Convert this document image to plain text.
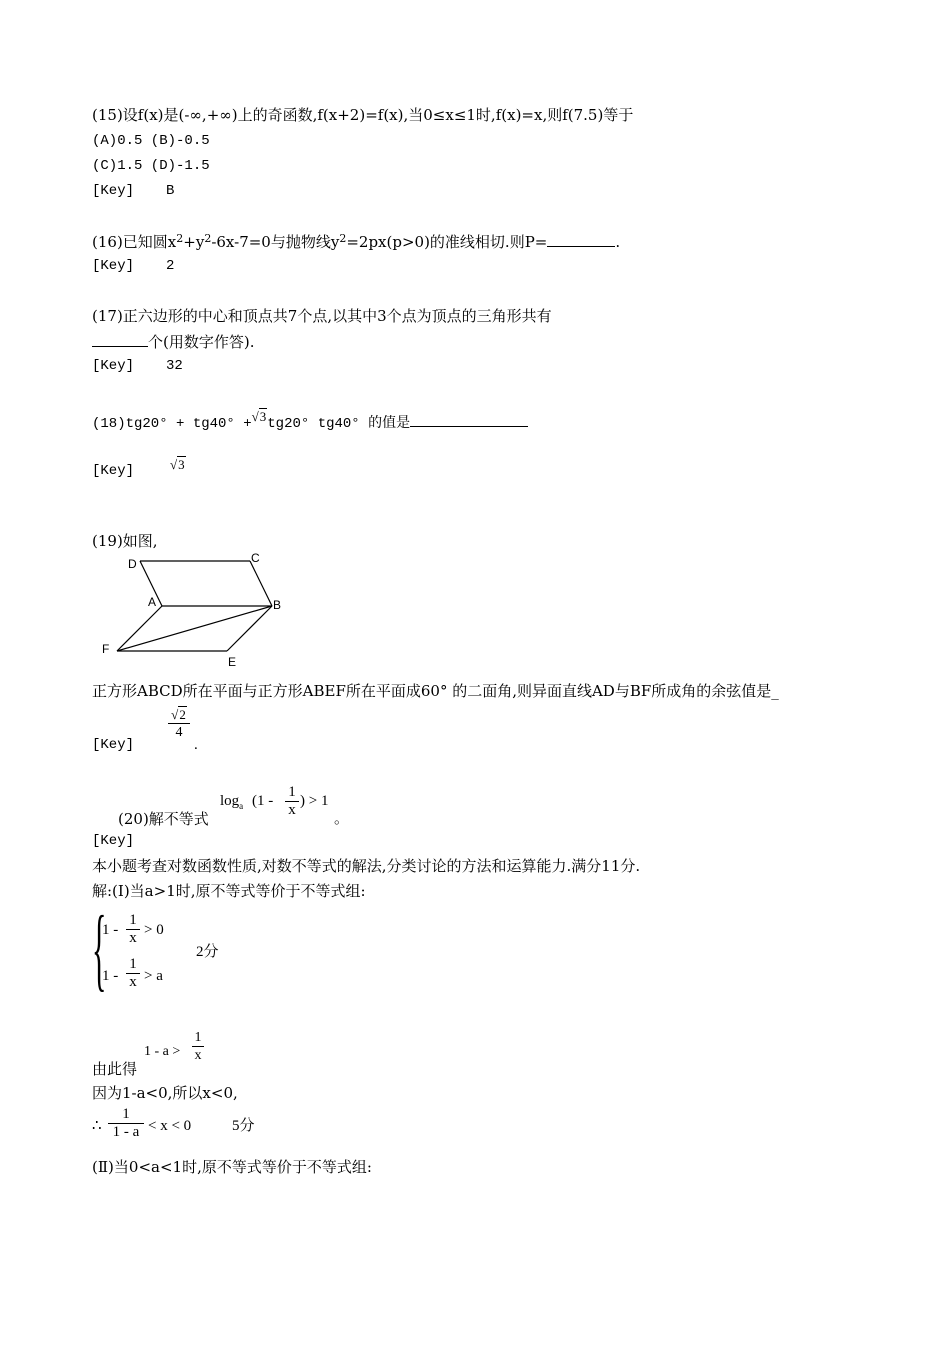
(15)设f(x)是(-∞,+∞)上的奇函数,f(x+2)=f(x),当0≤x≤1时,f(x)=x,则f(7.5)等于
(A)0.5 (B)-0.5
(C)1.5 (D)-1.5
[Key] B
(16)已知圆$x^2+y^2-6x-7=0$与抛物线$y^2=2px(p>0)$的准线相切.则P=	.
[Key] 2
(17)正六边形的中心和顶点共7个点,以其中3个点为顶点的三角形共有
个(用数字作答).
[Key] 32
(18)tg20° + tg40° +√3tg20° tg40° 的值是
[Key]	√3
(19)如图,
D	C
A	B
F
E
正方形ABCD所在平面与正方形ABEF所在平面成60° 的二面角,则异面直线AD与BF所成角的余弦值是_
[Key]
√2
4
.
(20)解不等式
$\log_a (1$ -
1
x
) > 1
。
[Key]
本小题考查对数函数性质,对数不等式的解法,分类讨论的方法和运算能力.满分11分.
解:(Ⅰ)当a>1时,原不等式等价于不等式组:
{
1 -
1
x > 0
1 -
1
x > a
2分
由此得
1 - a >
1
x
因为1-a<0,所以x<0,
∴
1
1 - a < x < 0	5分
(Ⅱ)当0<a<1时,原不等式等价于不等式组:
